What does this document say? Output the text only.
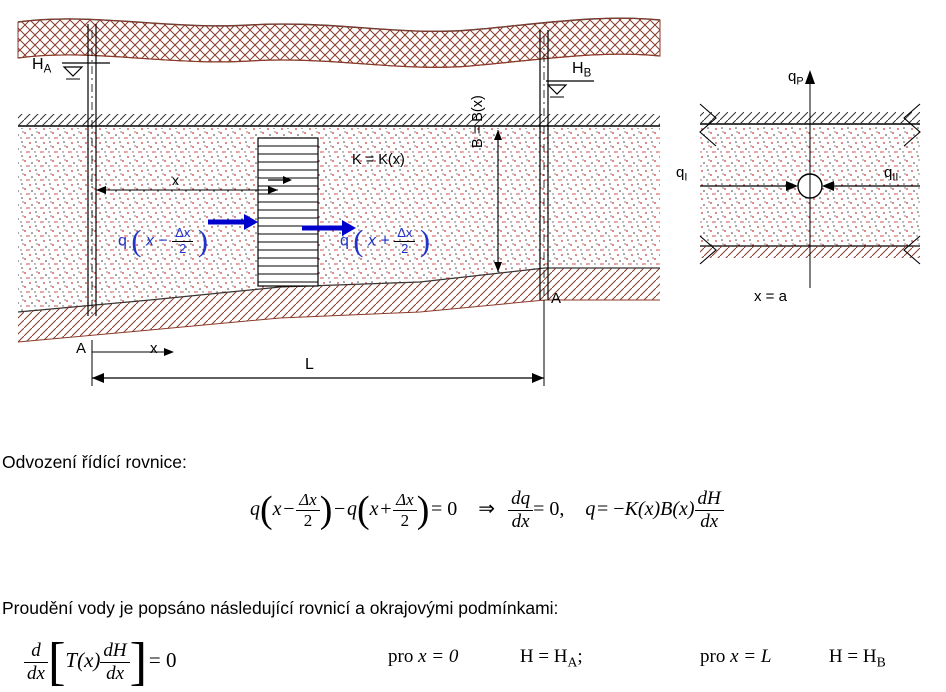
$H_A$	$H_B$
K = K(x)
B = B(x)
x
q ( $x - \frac{\Delta x}{2}$ )	q ( $x + \frac{\Delta x}{2}$ )
A
A	x
L
$q_P$
$q_I$	$q_{II}$
x = a
Odvození řídící rovnice:
q(x −  $\frac{\Delta x}{2}$ ) − q(x +  $\frac{\Delta x}{2}$ ) = 0 ⇒ $\frac{dq}{dx} = 0$, q = $-K(x)B(x) \frac{dH}{dx}$
Proudění vody je popsáno následující rovnicí a okrajovými podmínkami:
$\frac{d}{dx} [T(x) \frac{dH}{dx}$ ] = 0	pro x = 0	$H = H_A$;	pro x = L	$H = H_B$
